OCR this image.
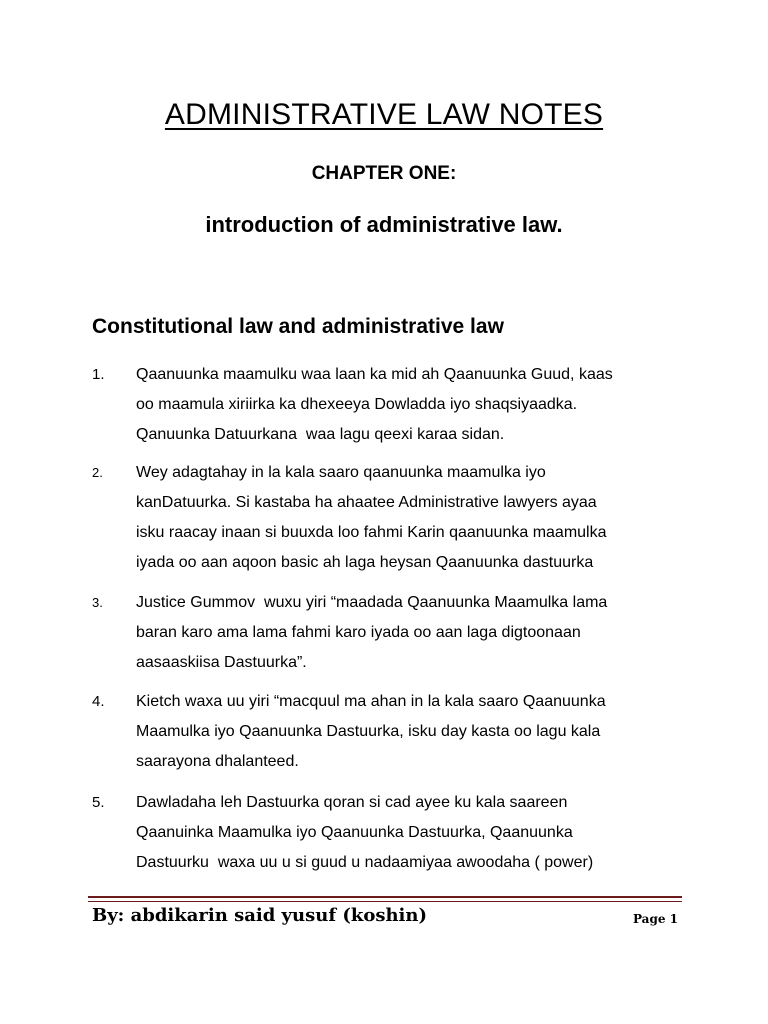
ADMINISTRATIVE LAW NOTES
CHAPTER ONE:
introduction of administrative law.
Constitutional law and administrative law
1. Qaanuunka maamulku waa laan ka mid ah Qaanuunka Guud, kaas
oo maamula xiriirka ka dhexeeya Dowladda iyo shaqsiyaadka.
Qanuunka Datuurkana  waa lagu qeexi karaa sidan.
2. Wey adagtahay in la kala saaro qaanuunka maamulka iyo
kanDatuurka. Si kastaba ha ahaatee Administrative lawyers ayaa
isku raacay inaan si buuxda loo fahmi Karin qaanuunka maamulka
iyada oo aan aqoon basic ah laga heysan Qaanuunka dastuurka
3. Justice Gummov  wuxu yiri “maadada Qaanuunka Maamulka lama
baran karo ama lama fahmi karo iyada oo aan laga digtoonaan
aasaaskiisa Dastuurka”.
4. Kietch waxa uu yiri “macquul ma ahan in la kala saaro Qaanuunka
Maamulka iyo Qaanuunka Dastuurka, isku day kasta oo lagu kala
saarayona dhalanteed.
5. Dawladaha leh Dastuurka qoran si cad ayee ku kala saareen
Qaanuinka Maamulka iyo Qaanuunka Dastuurka, Qaanuunka
Dastuurku  waxa uu u si guud u nadaamiyaa awoodaha ( power)
By: abdikarin said yusuf (koshin)	Page 1
